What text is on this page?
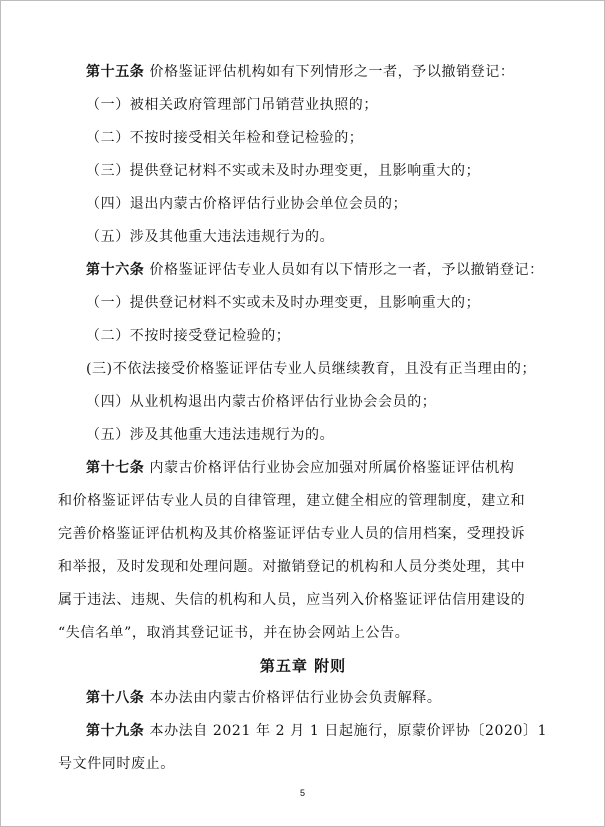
第十五条 价格鉴证评估机构如有下列情形之一者，予以撤销登记：
（一）被相关政府管理部门吊销营业执照的；
（二）不按时接受相关年检和登记检验的；
（三）提供登记材料不实或未及时办理变更，且影响重大的；
（四）退出内蒙古价格评估行业协会单位会员的；
（五）涉及其他重大违法违规行为的。
第十六条 价格鉴证评估专业人员如有以下情形之一者，予以撤销登记：
（一）提供登记材料不实或未及时办理变更，且影响重大的；
（二）不按时接受登记检验的；
(三)不依法接受价格鉴证评估专业人员继续教育，且没有正当理由的；
（四）从业机构退出内蒙古价格评估行业协会会员的；
（五）涉及其他重大违法违规行为的。
第十七条 内蒙古价格评估行业协会应加强对所属价格鉴证评估机构
和价格鉴证评估专业人员的自律管理，建立健全相应的管理制度，建立和
完善价格鉴证评估机构及其价格鉴证评估专业人员的信用档案，受理投诉
和举报，及时发现和处理问题。对撤销登记的机构和人员分类处理，其中
属于违法、违规、失信的机构和人员，应当列入价格鉴证评估信用建设的
“失信名单”，取消其登记证书，并在协会网站上公告。
第五章 附则
第十八条 本办法由内蒙古价格评估行业协会负责解释。
第十九条 本办法自 2021 年 2 月 1 日起施行，原蒙价评协〔2020〕1
号文件同时废止。
5
